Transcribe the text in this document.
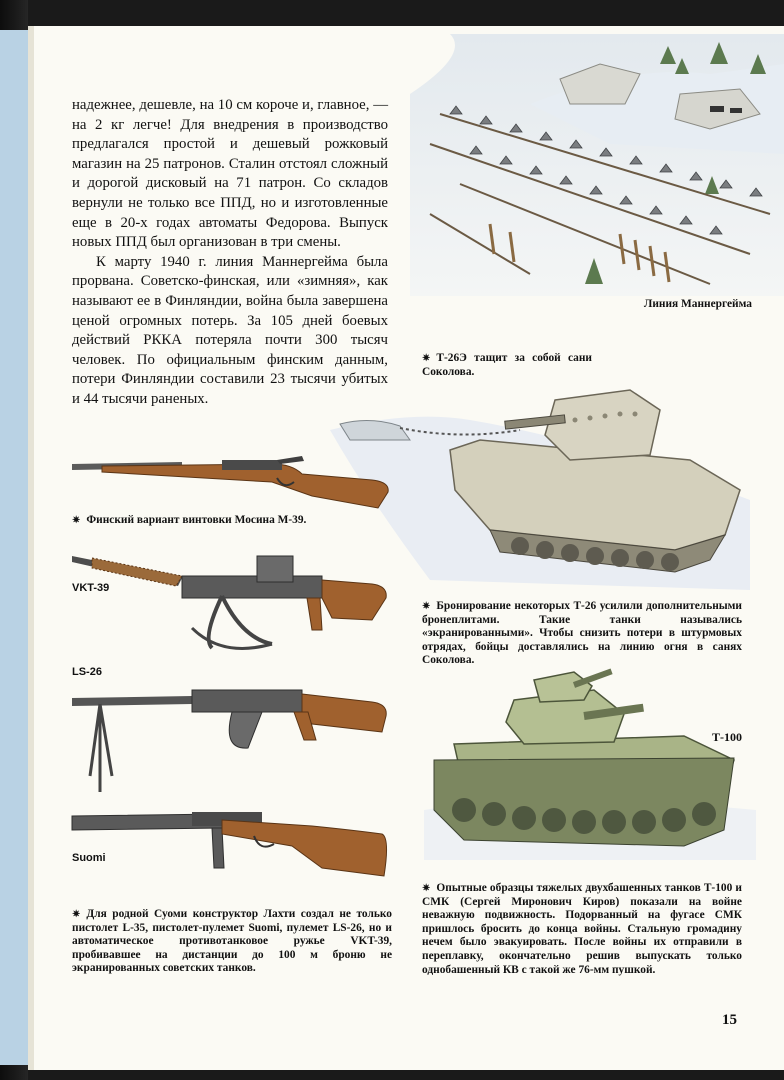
Линия Маннергейма

надежнее, дешевле, на 10 см короче и, главное, — на 2 кг легче! Для внедрения в производство предлагался простой и дешевый рожковый магазин на 25 патронов. Сталин отстоял сложный и дорогой дисковый на 71 патрон. Со складов вернули не только все ППД, но и изготовленные еще в 20-х годах автоматы Федорова. Выпуск новых ППД был организован в три смены.

К марту 1940 г. линия Маннергейма была прорвана. Советско-финская, или «зимняя», как называют ее в Финляндии, война была завершена ценой огромных потерь. За 105 дней боевых действий РККА потеряла почти 300 тысяч человек. По официальным финским данным, потери Финляндии составили 23 тысячи убитых и 44 тысячи раненых.

✷ Т-26Э тащит за собой сани Соколова.
✷ Финский вариант винтовки Мосина М-39.
VKT-39
LS-26
Suomi
✷ Бронирование некоторых Т-26 усилили дополнительными бронеплитами. Такие танки назывались «экранированными». Чтобы снизить потери в штурмовых отрядах, бойцы доставлялись на линию огня в санях Соколова.
Т-100
✷ Для родной Суоми конструктор Лахти создал не только пистолет L-35, пистолет-пулемет Suomi, пулемет LS-26, но и автоматическое противотанковое ружье VKT-39, пробивавшее на дистанции до 100 м броню не экранированных советских танков.
✷ Опытные образцы тяжелых двухбашенных танков Т-100 и СМК (Сергей Миронович Киров) показали на войне неважную подвижность. Подорванный на фугасе СМК пришлось бросить до конца войны. Стальную громадину нечем было эвакуировать. После войны их отправили в переплавку, окончательно решив выпускать только однобашенный КВ с такой же 76-мм пушкой.
15
